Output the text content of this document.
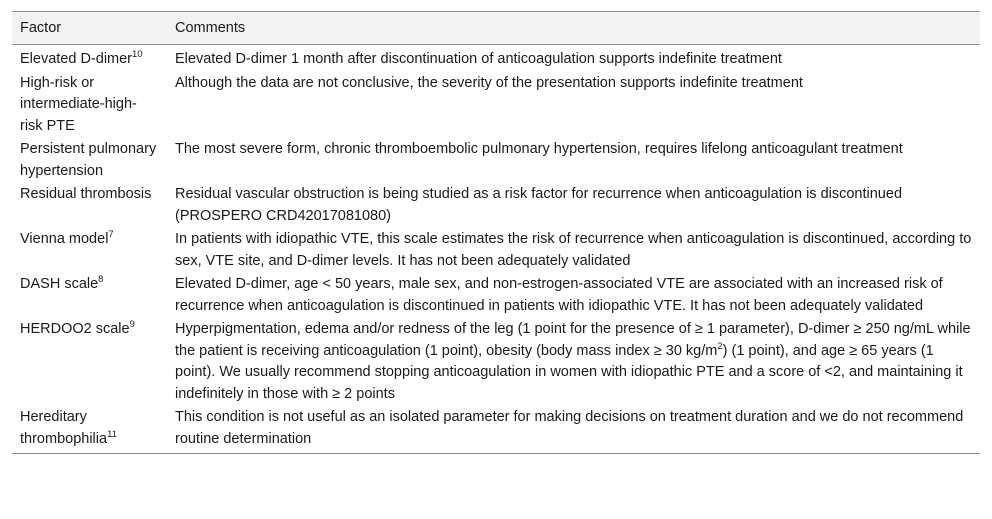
Factor	Comments
Elevated D-dimer$^{10}$	Elevated D-dimer 1 month after discontinuation of anticoagulation supports indefinite treatment
High-risk or intermediate-high-risk PTE	Although the data are not conclusive, the severity of the presentation supports indefinite treatment
Persistent pulmonary hypertension	The most severe form, chronic thromboembolic pulmonary hypertension, requires lifelong anticoagulant treatment
Residual thrombosis	Residual vascular obstruction is being studied as a risk factor for recurrence when anticoagulation is discontinued (PROSPERO CRD42017081080)
Vienna model$^7$	In patients with idiopathic VTE, this scale estimates the risk of recurrence when anticoagulation is discontinued, according to sex, VTE site, and D-dimer levels. It has not been adequately validated
DASH scale$^8$	Elevated D-dimer, age < 50 years, male sex, and non-estrogen-associated VTE are associated with an increased risk of recurrence when anticoagulation is discontinued in patients with idiopathic VTE. It has not been adequately validated
HERDOO2 scale$^9$	Hyperpigmentation, edema and/or redness of the leg (1 point for the presence of ≥ 1 parameter), D-dimer ≥ 250 ng/mL while the patient is receiving anticoagulation (1 point), obesity (body mass index ≥ 30 $kg/m^2$) (1 point), and age ≥ 65 years (1 point). We usually recommend stopping anticoagulation in women with idiopathic PTE and a score of <2, and maintaining it indefinitely in those with ≥ 2 points
Hereditary thrombophilia$^{11}$	This condition is not useful as an isolated parameter for making decisions on treatment duration and we do not recommend routine determination
